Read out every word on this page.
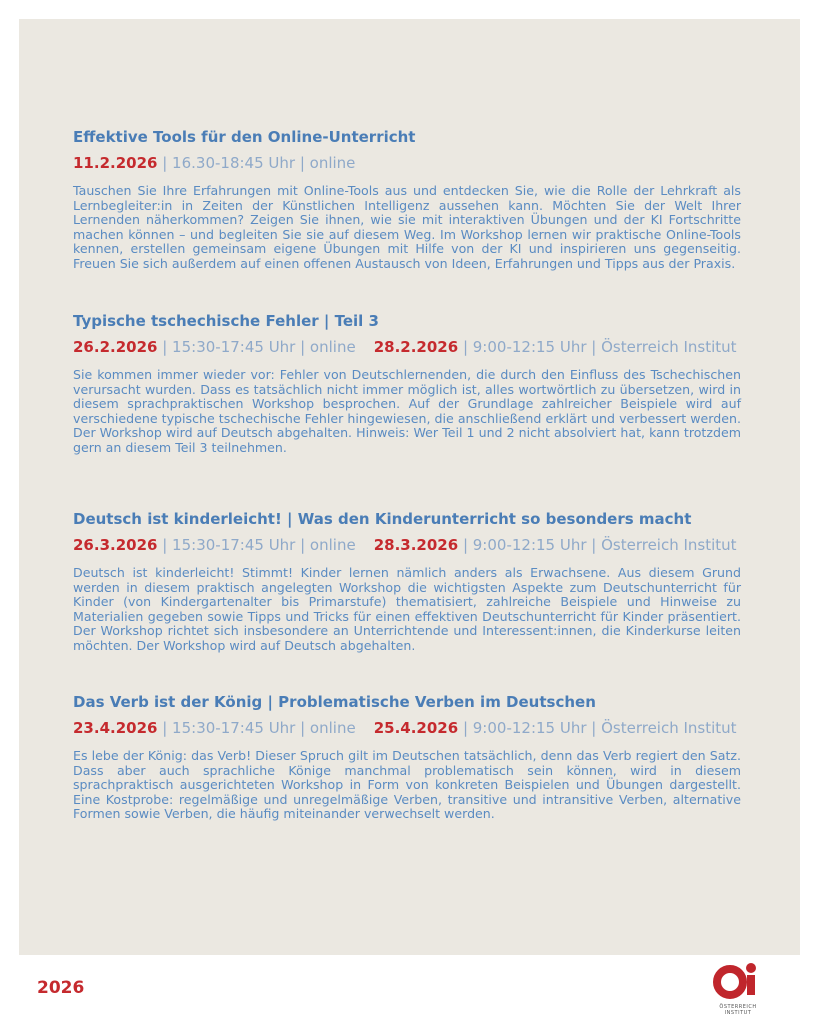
Effektive Tools für den Online-Unterricht
11.2.2026 | 16.30-18:45 Uhr | online

Tauschen Sie Ihre Erfahrungen mit Online-Tools aus und entdecken Sie, wie die Rolle der Lehrkraft als Lernbegleiter:in in Zeiten der Künstlichen Intelligenz aussehen kann. Möchten Sie der Welt Ihrer Lernenden näherkommen? Zeigen Sie ihnen, wie sie mit interaktiven Übungen und der KI Fortschritte machen können – und begleiten Sie sie auf diesem Weg. Im Workshop lernen wir praktische Online-Tools kennen, erstellen gemeinsam eigene Übungen mit Hilfe von der KI und inspirieren uns gegenseitig. Freuen Sie sich außerdem auf einen offenen Austausch von Ideen, Erfahrungen und Tipps aus der Praxis.

Typische tschechische Fehler | Teil 3
26.2.2026 | 15:30-17:45 Uhr | online 28.2.2026 | 9:00-12:15 Uhr | Österreich Institut

Sie kommen immer wieder vor: Fehler von Deutschlernenden, die durch den Einfluss des Tschechischen verursacht wurden. Dass es tatsächlich nicht immer möglich ist, alles wortwörtlich zu übersetzen, wird in diesem sprachpraktischen Workshop besprochen. Auf der Grundlage zahlreicher Beispiele wird auf verschiedene typische tschechische Fehler hingewiesen, die anschließend erklärt und verbessert werden. Der Workshop wird auf Deutsch abgehalten. Hinweis: Wer Teil 1 und 2 nicht absolviert hat, kann trotzdem gern an diesem Teil 3 teilnehmen.

Deutsch ist kinderleicht! | Was den Kinderunterricht so besonders macht
26.3.2026 | 15:30-17:45 Uhr | online 28.3.2026 | 9:00-12:15 Uhr | Österreich Institut

Deutsch ist kinderleicht! Stimmt! Kinder lernen nämlich anders als Erwachsene. Aus diesem Grund werden in diesem praktisch angelegten Workshop die wichtigsten Aspekte zum Deutschunterricht für Kinder (von Kindergartenalter bis Primarstufe) thematisiert, zahlreiche Beispiele und Hinweise zu Materialien gegeben sowie Tipps und Tricks für einen effektiven Deutschunterricht für Kinder präsentiert. Der Workshop richtet sich insbesondere an Unterrichtende und Interessent:innen, die Kinderkurse leiten möchten. Der Workshop wird auf Deutsch abgehalten.

Das Verb ist der König | Problematische Verben im Deutschen
23.4.2026 | 15:30-17:45 Uhr | online 25.4.2026 | 9:00-12:15 Uhr | Österreich Institut

Es lebe der König: das Verb! Dieser Spruch gilt im Deutschen tatsächlich, denn das Verb regiert den Satz. Dass aber auch sprachliche Könige manchmal problematisch sein können, wird in diesem sprachpraktisch ausgerichteten Workshop in Form von konkreten Beispielen und Übungen dargestellt. Eine Kostprobe: regelmäßige und unregelmäßige Verben, transitive und intransitive Verben, alternative Formen sowie Verben, die häufig miteinander verwechselt werden.

2026
ÖSTERREICH
INSTITUT
